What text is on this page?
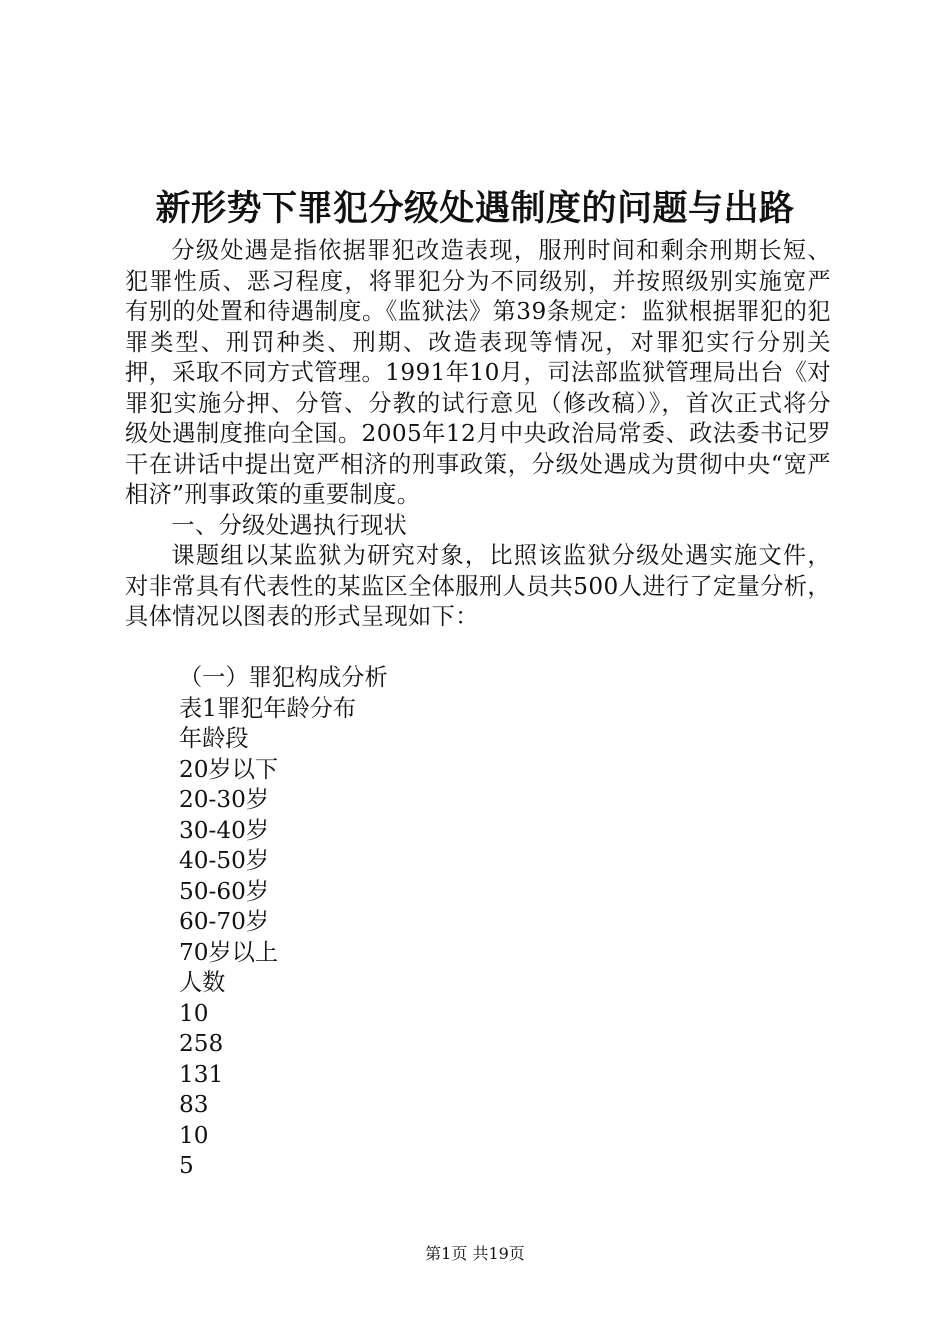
新形势下罪犯分级处遇制度的问题与出路

分级处遇是指依据罪犯改造表现，服刑时间和剩余刑期长短、犯罪性质、恶习程度，将罪犯分为不同级别，并按照级别实施宽严有别的处置和待遇制度。《监狱法》第39条规定：监狱根据罪犯的犯罪类型、刑罚种类、刑期、改造表现等情况，对罪犯实行分别关押，采取不同方式管理。1991年10月，司法部监狱管理局出台《对罪犯实施分押、分管、分教的试行意见（修改稿）》，首次正式将分级处遇制度推向全国。2005年12月中央政治局常委、政法委书记罗干在讲话中提出宽严相济的刑事政策，分级处遇成为贯彻中央“宽严相济”刑事政策的重要制度。

一、分级处遇执行现状

课题组以某监狱为研究对象，比照该监狱分级处遇实施文件，对非常具有代表性的某监区全体服刑人员共500人进行了定量分析，具体情况以图表的形式呈现如下：

（一）罪犯构成分析
表1罪犯年龄分布
年龄段
20岁以下
20-30岁
30-40岁
40-50岁
50-60岁
60-70岁
70岁以上
人数
10
258
131
83
10
5
第1页 共19页
